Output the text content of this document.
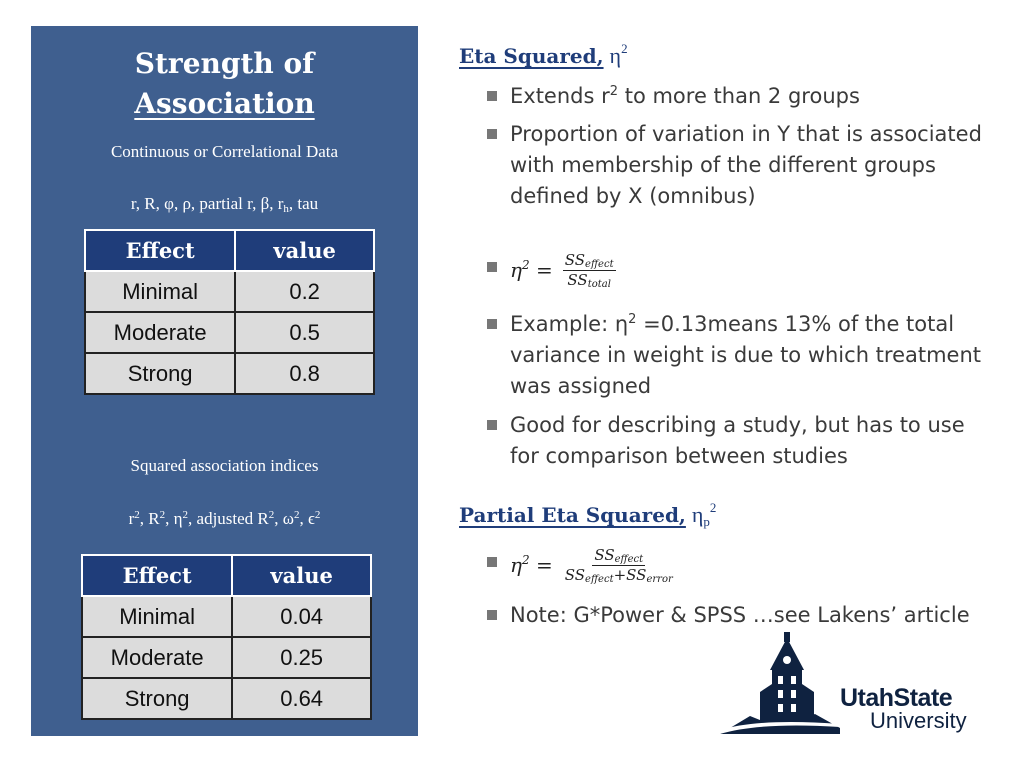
Strength of
Association
Continuous or Correlational Data
r, R, φ, ρ, partial r, β, $r_h$, tau
Effect	value
Minimal	0.2
Moderate	0.5
Strong	0.8
Squared association indices
$r^2$, $R^2$, $\eta^2$, adjusted $R^2$, $\omega^2$, $\epsilon^2$
Effect	value
Minimal	0.04
Moderate	0.25
Strong	0.64
Eta Squared, $\eta^2$
Extends $r^2$ to more than 2 groups
Proportion of variation in Y that is associated with membership of the different groups defined by X (omnibus)
$\eta^2 = \frac{SS_{effect}}{SS_{total}}$
Example: $\eta^2$ =0.13means 13% of the total variance in weight is due to which treatment was assigned
Good for describing a study, but has to use for comparison between studies
Partial Eta Squared, $\eta_p^2$
$\eta^2 = \frac{SS_{effect}}{SS_{effect}+SS_{error}}$
Note: G*Power & SPSS …see Lakens’ article
UtahState
University
